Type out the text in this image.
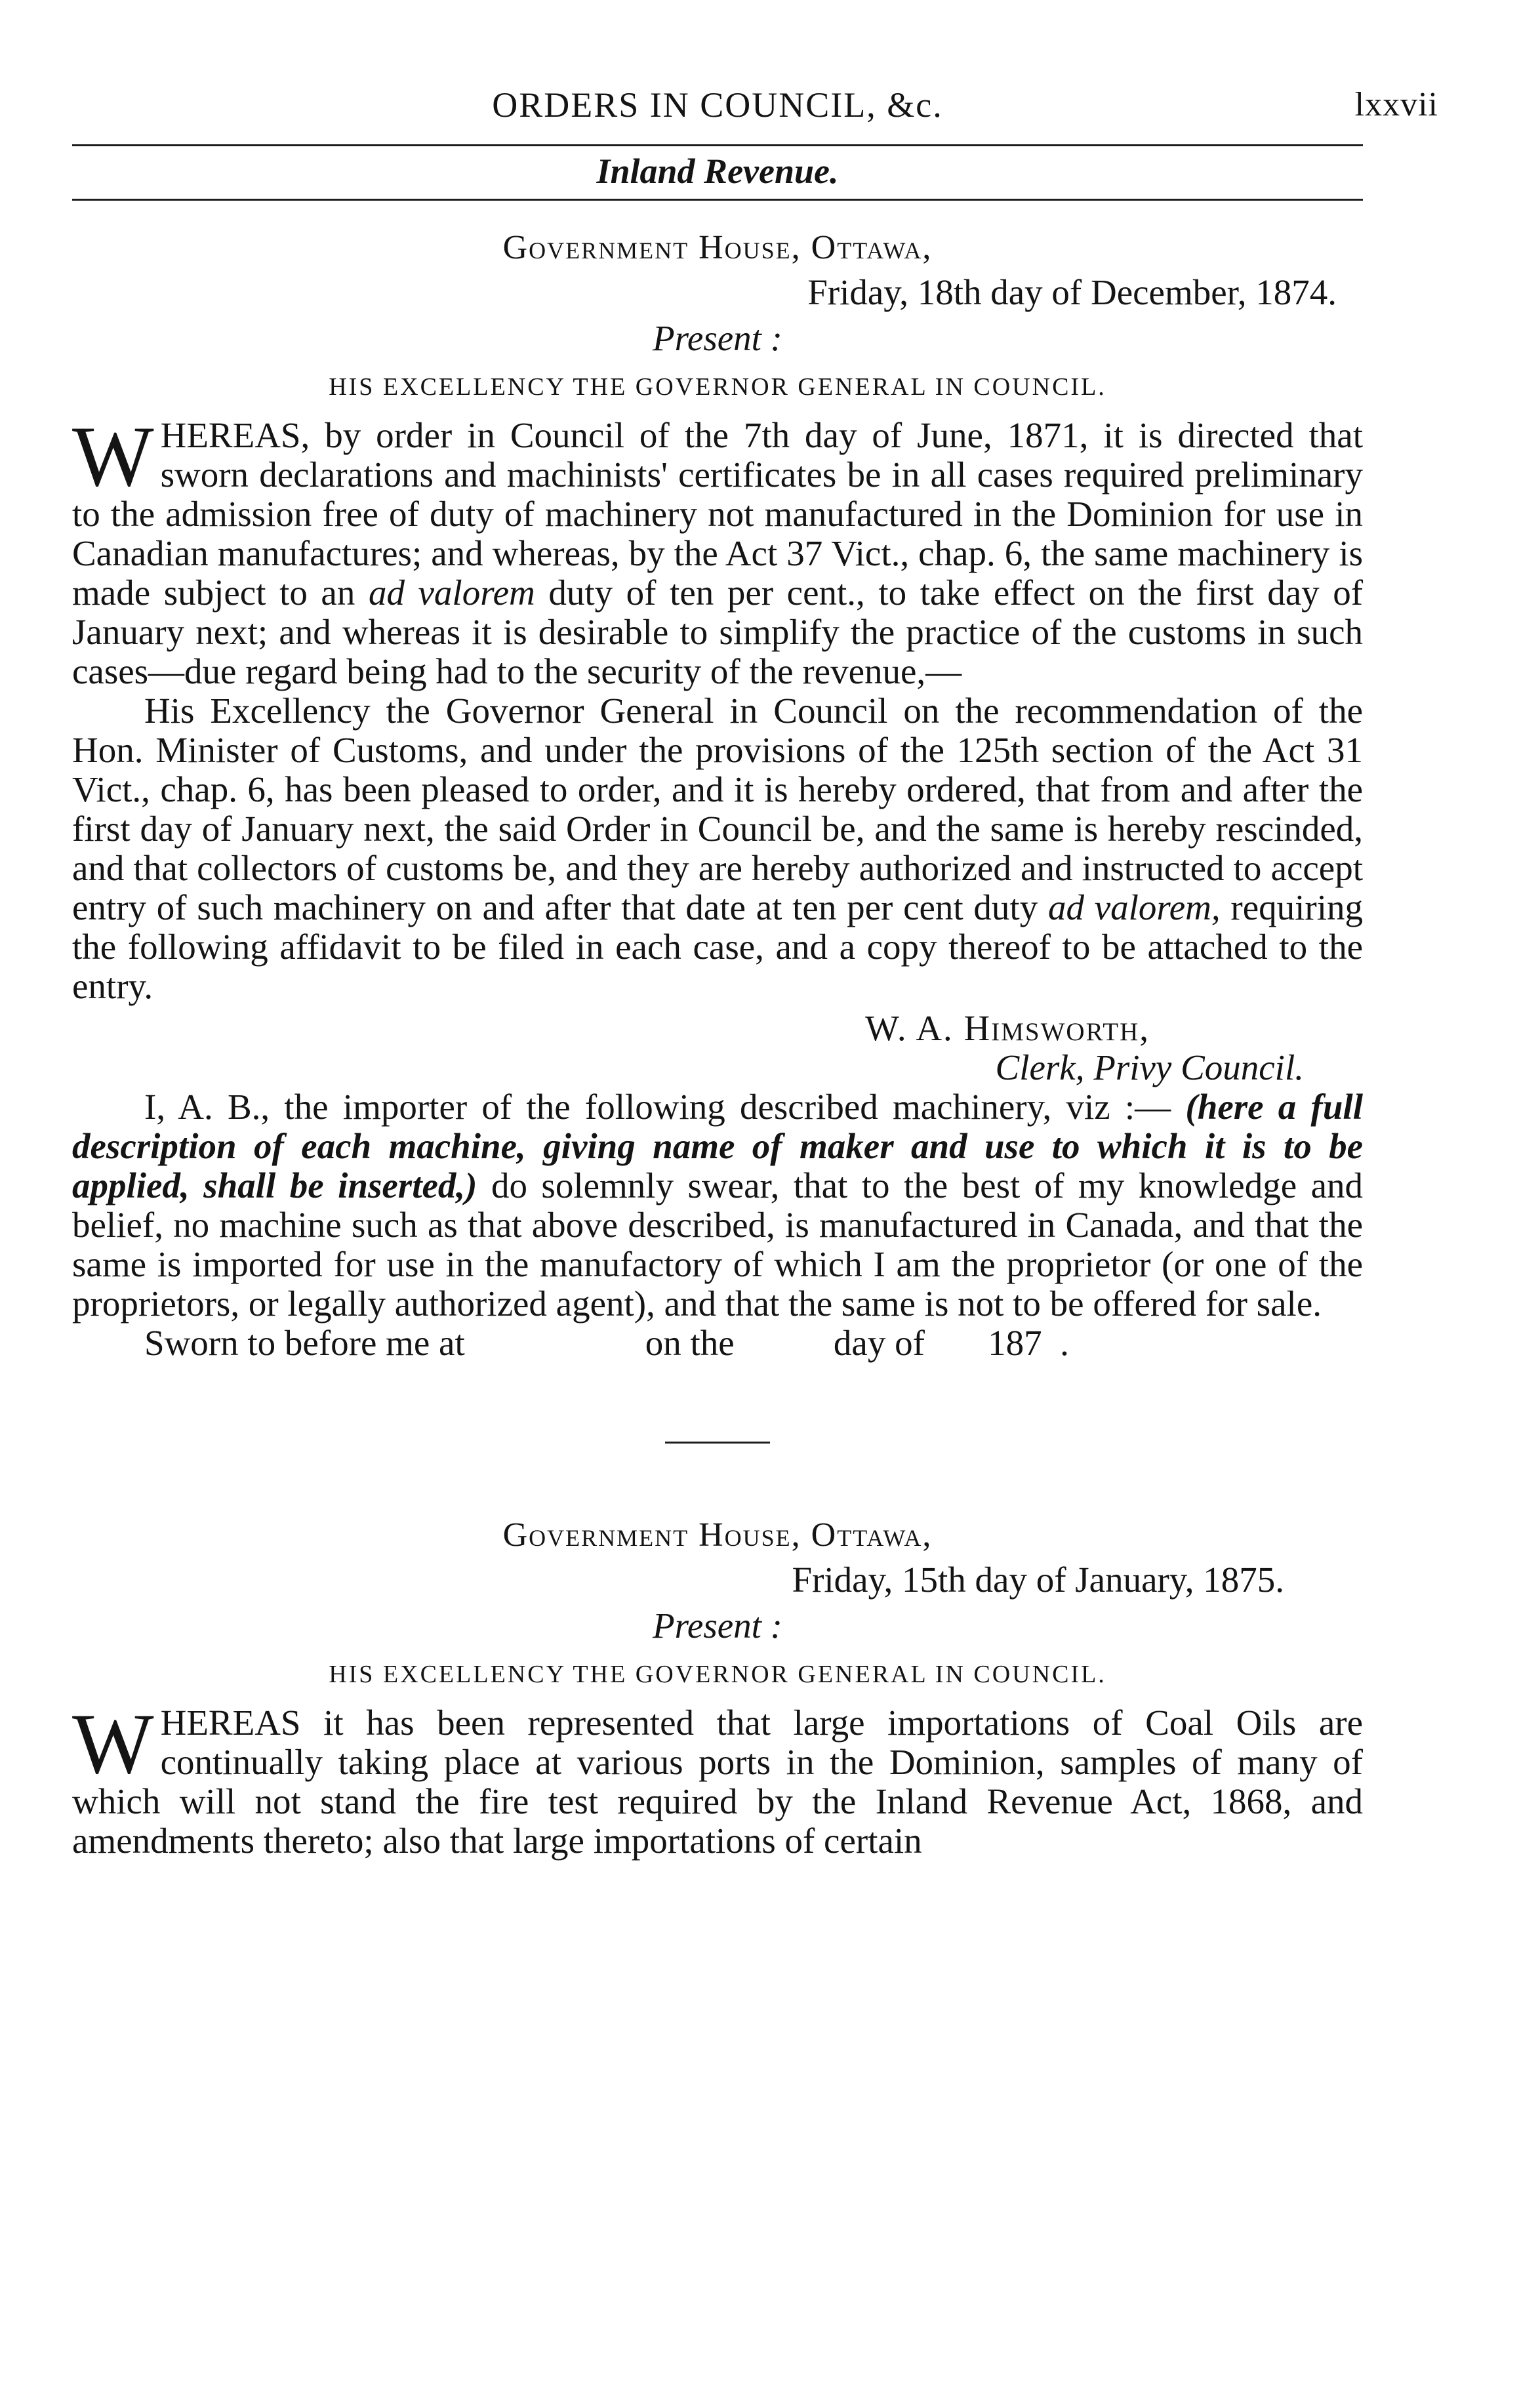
ORDERS IN COUNCIL, &c.	lxxvii
Inland Revenue.
Government House, Ottawa,
Friday, 18th day of December, 1874.
Present :
HIS EXCELLENCY THE GOVERNOR GENERAL IN COUNCIL.

WHEREAS, by order in Council of the 7th day of June, 1871, it is directed that sworn declarations and machinists' certificates be in all cases required preliminary to the admission free of duty of machinery not manufactured in the Dominion for use in Canadian manufactures; and whereas, by the Act 37 Vict., chap. 6, the same machinery is made subject to an ad valorem duty of ten per cent., to take effect on the first day of January next; and whereas it is desirable to simplify the practice of the customs in such cases—due regard being had to the security of the revenue,—

His Excellency the Governor General in Council on the recommendation of the Hon. Minister of Customs, and under the provisions of the 125th section of the Act 31 Vict., chap. 6, has been pleased to order, and it is hereby ordered, that from and after the first day of January next, the said Order in Council be, and the same is hereby rescinded, and that collectors of customs be, and they are hereby authorized and instructed to accept entry of such machinery on and after that date at ten per cent duty ad valorem, requiring the following affidavit to be filed in each case, and a copy thereof to be attached to the entry.

W. A. Himsworth,
Clerk, Privy Council.

I, A. B., the importer of the following described machinery, viz :— (here a full description of each machine, giving name of maker and use to which it is to be applied, shall be inserted,) do solemnly swear, that to the best of my knowledge and belief, no machine such as that above described, is manufactured in Canada, and that the same is imported for use in the manufactory of which I am the proprietor (or one of the proprietors, or legally authorized agent), and that the same is not to be offered for sale.

Sworn to before me at                    on the           day of       187  .

Government House, Ottawa,
Friday, 15th day of January, 1875.
Present :
HIS EXCELLENCY THE GOVERNOR GENERAL IN COUNCIL.

WHEREAS it has been represented that large importations of Coal Oils are continually taking place at various ports in the Dominion, samples of many of which will not stand the fire test required by the Inland Revenue Act, 1868, and amendments thereto; also that large importations of certain
